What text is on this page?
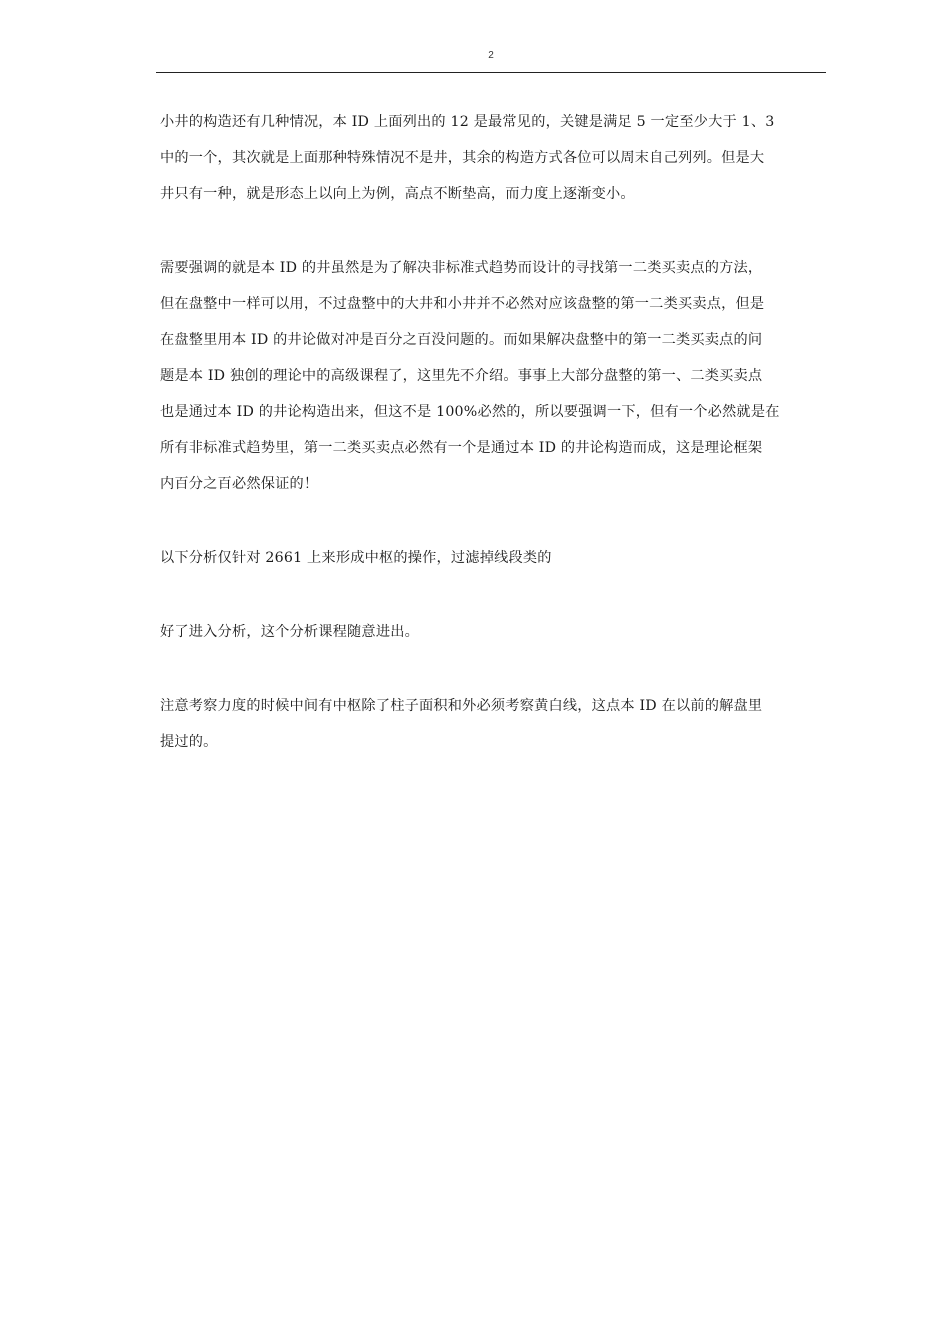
2

小井的构造还有几种情况，本 ID 上面列出的 12 是最常见的，关键是满足 5 一定至少大于 1、3

中的一个，其次就是上面那种特殊情况不是井，其余的构造方式各位可以周末自己列列。但是大

井只有一种，就是形态上以向上为例，高点不断垫高，而力度上逐渐变小。

需要强调的就是本 ID 的井虽然是为了解决非标准式趋势而设计的寻找第一二类买卖点的方法，

但在盘整中一样可以用，不过盘整中的大井和小井并不必然对应该盘整的第一二类买卖点，但是

在盘整里用本 ID 的井论做对冲是百分之百没问题的。而如果解决盘整中的第一二类买卖点的问

题是本 ID 独创的理论中的高级课程了，这里先不介绍。事事上大部分盘整的第一、二类买卖点

也是通过本 ID 的井论构造出来，但这不是 100%必然的，所以要强调一下，但有一个必然就是在

所有非标准式趋势里，第一二类买卖点必然有一个是通过本 ID 的井论构造而成，这是理论框架

内百分之百必然保证的！

以下分析仅针对 2661 上来形成中枢的操作，过滤掉线段类的

好了进入分析，这个分析课程随意进出。

注意考察力度的时候中间有中枢除了柱子面积和外必须考察黄白线，这点本 ID 在以前的解盘里

提过的。
